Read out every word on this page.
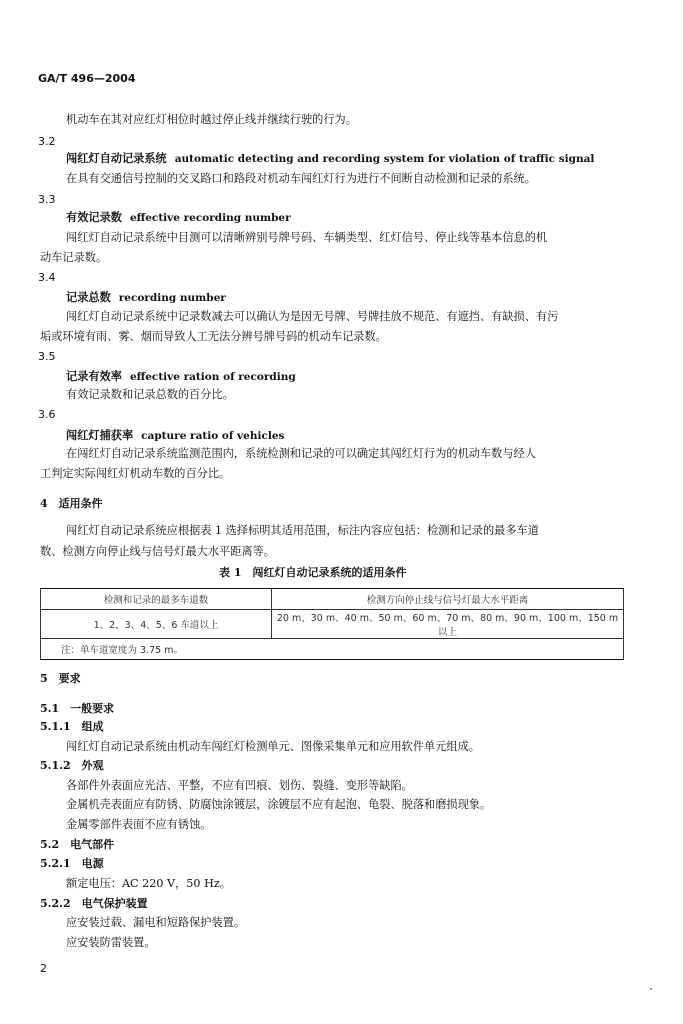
GA/T 496—2004
机动车在其对应红灯相位时越过停止线并继续行驶的行为。
3.2
闯红灯自动记录系统 automatic detecting and recording system for violation of traffic signal
在具有交通信号控制的交叉路口和路段对机动车闯红灯行为进行不间断自动检测和记录的系统。
3.3
有效记录数 effective recording number
闯红灯自动记录系统中目测可以清晰辨别号牌号码、车辆类型、红灯信号、停止线等基本信息的机
动车记录数。
3.4
记录总数 recording number
闯红灯自动记录系统中记录数减去可以确认为是因无号牌、号牌挂放不规范、有遮挡、有缺损、有污
垢或环境有雨、雾、烟而导致人工无法分辨号牌号码的机动车记录数。
3.5
记录有效率 effective ration of recording
有效记录数和记录总数的百分比。
3.6
闯红灯捕获率 capture ratio of vehicles
在闯红灯自动记录系统监测范围内，系统检测和记录的可以确定其闯红灯行为的机动车数与经人
工判定实际闯红灯机动车数的百分比。
4　适用条件
闯红灯自动记录系统应根据表 1 选择标明其适用范围，标注内容应包括：检测和记录的最多车道
数、检测方向停止线与信号灯最大水平距离等。
表 1　闯红灯自动记录系统的适用条件
检测和记录的最多车道数	检测方向停止线与信号灯最大水平距离
1、2、3、4、5、6 车道以上	20 m、30 m、40 m、50 m、60 m、70 m、80 m、90 m、100 m、150 m 以上
注：单车道宽度为 3.75 m。	
5　要求
5.1　一般要求
5.1.1　组成
闯红灯自动记录系统由机动车闯红灯检测单元、图像采集单元和应用软件单元组成。
5.1.2　外观
各部件外表面应光洁、平整，不应有凹痕、划伤、裂缝、变形等缺陷。
金属机壳表面应有防锈、防腐蚀涂镀层，涂镀层不应有起泡、龟裂、脱落和磨损现象。
金属零部件表面不应有锈蚀。
5.2　电气部件
5.2.1　电源
额定电压：AC 220 V，50 Hz。
5.2.2　电气保护装置
应安装过载、漏电和短路保护装置。
应安装防雷装置。
2
